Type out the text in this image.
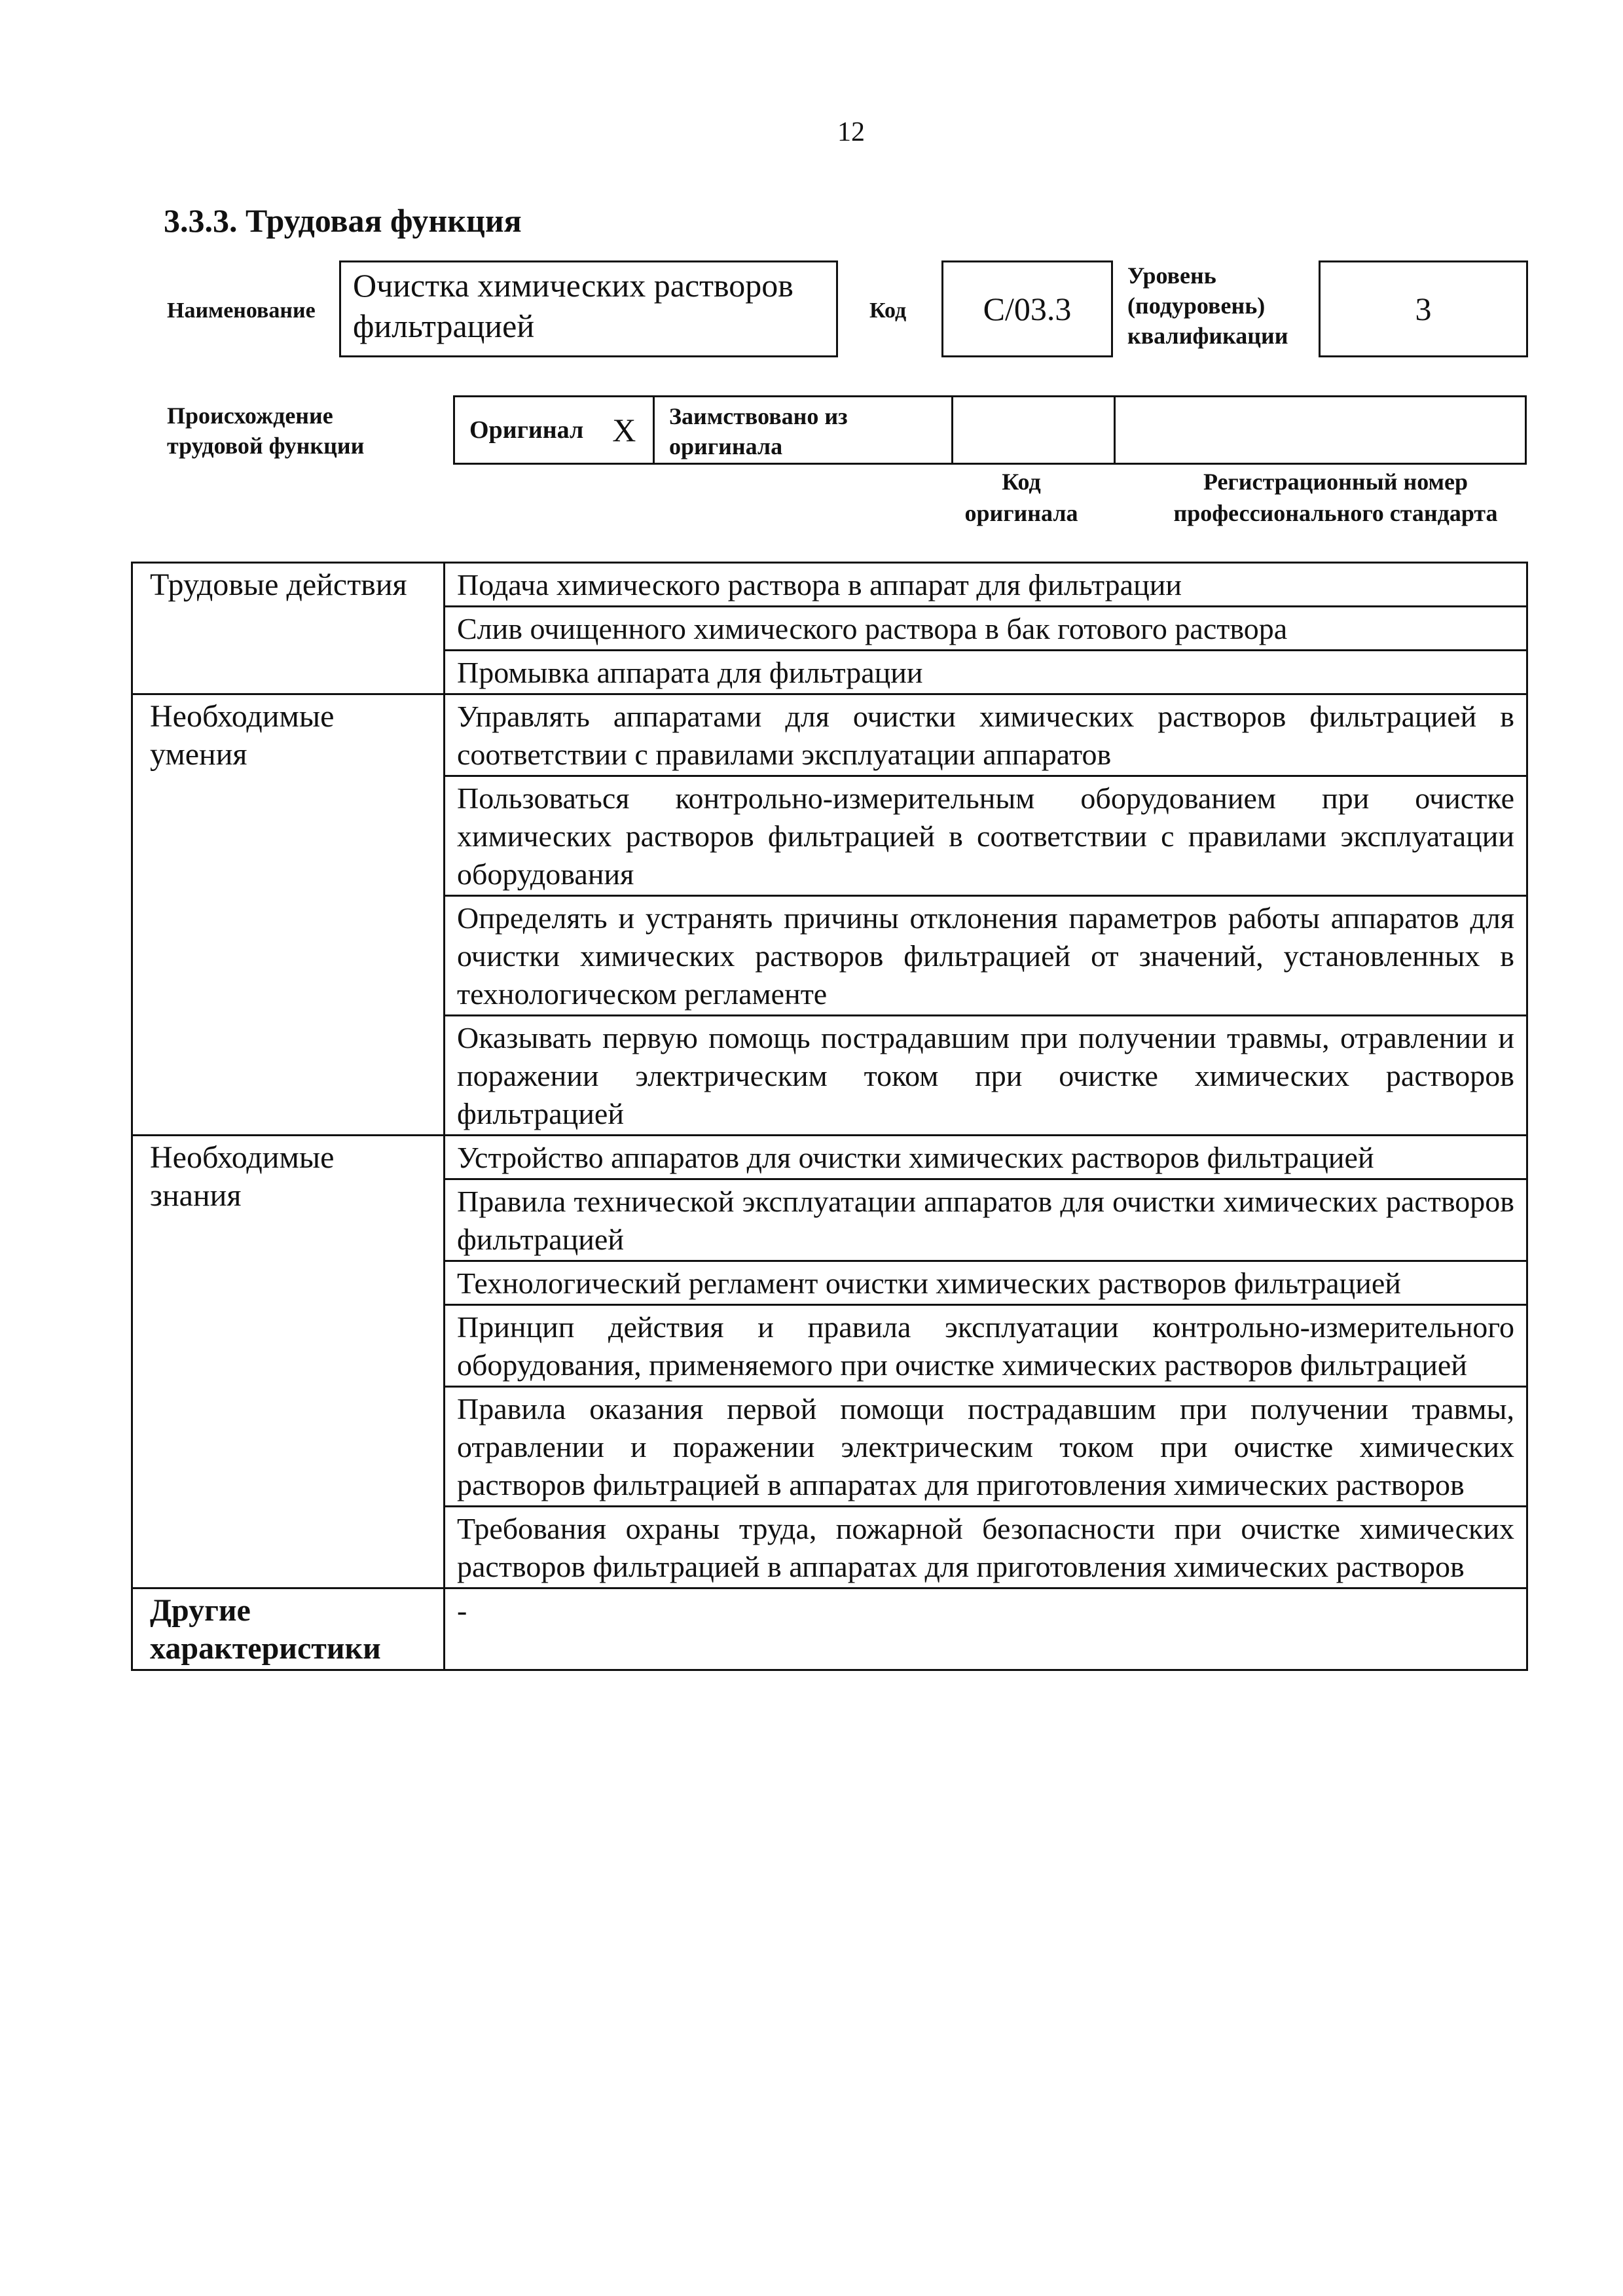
12
3.3.3. Трудовая функция
Наименование
Очистка химических растворов фильтрацией	Код	С/03.3
Уровень (подуровень) квалификации
3
Происхождение трудовой функции
Оригинал X	Заимствовано из оригинала
Код оригинала
Регистрационный номер профессионального стандарта
Трудовые действия	Подача химического раствора в аппарат для фильтрации
	Слив очищенного химического раствора в бак готового раствора
	Промывка аппарата для фильтрации
Необходимые умения	Управлять аппаратами для очистки химических растворов фильтрацией в соответствии с правилами эксплуатации аппаратов
	Пользоваться контрольно-измерительным оборудованием при очистке химических растворов фильтрацией в соответствии с правилами эксплуатации оборудования
	Определять и устранять причины отклонения параметров работы аппаратов для очистки химических растворов фильтрацией от значений, установленных в технологическом регламенте
	Оказывать первую помощь пострадавшим при получении травмы, отравлении и поражении электрическим током при очистке химических растворов фильтрацией
Необходимые знания	Устройство аппаратов для очистки химических растворов фильтрацией
	Правила технической эксплуатации аппаратов для очистки химических растворов фильтрацией
	Технологический регламент очистки химических растворов фильтрацией
	Принцип действия и правила эксплуатации контрольно-измерительного оборудования, применяемого при очистке химических растворов фильтрацией
	Правила оказания первой помощи пострадавшим при получении травмы, отравлении и поражении электрическим током при очистке химических растворов фильтрацией в аппаратах для приготовления химических растворов
	Требования охраны труда, пожарной безопасности при очистке химических растворов фильтрацией в аппаратах для приготовления химических растворов
Другие характеристики	-
